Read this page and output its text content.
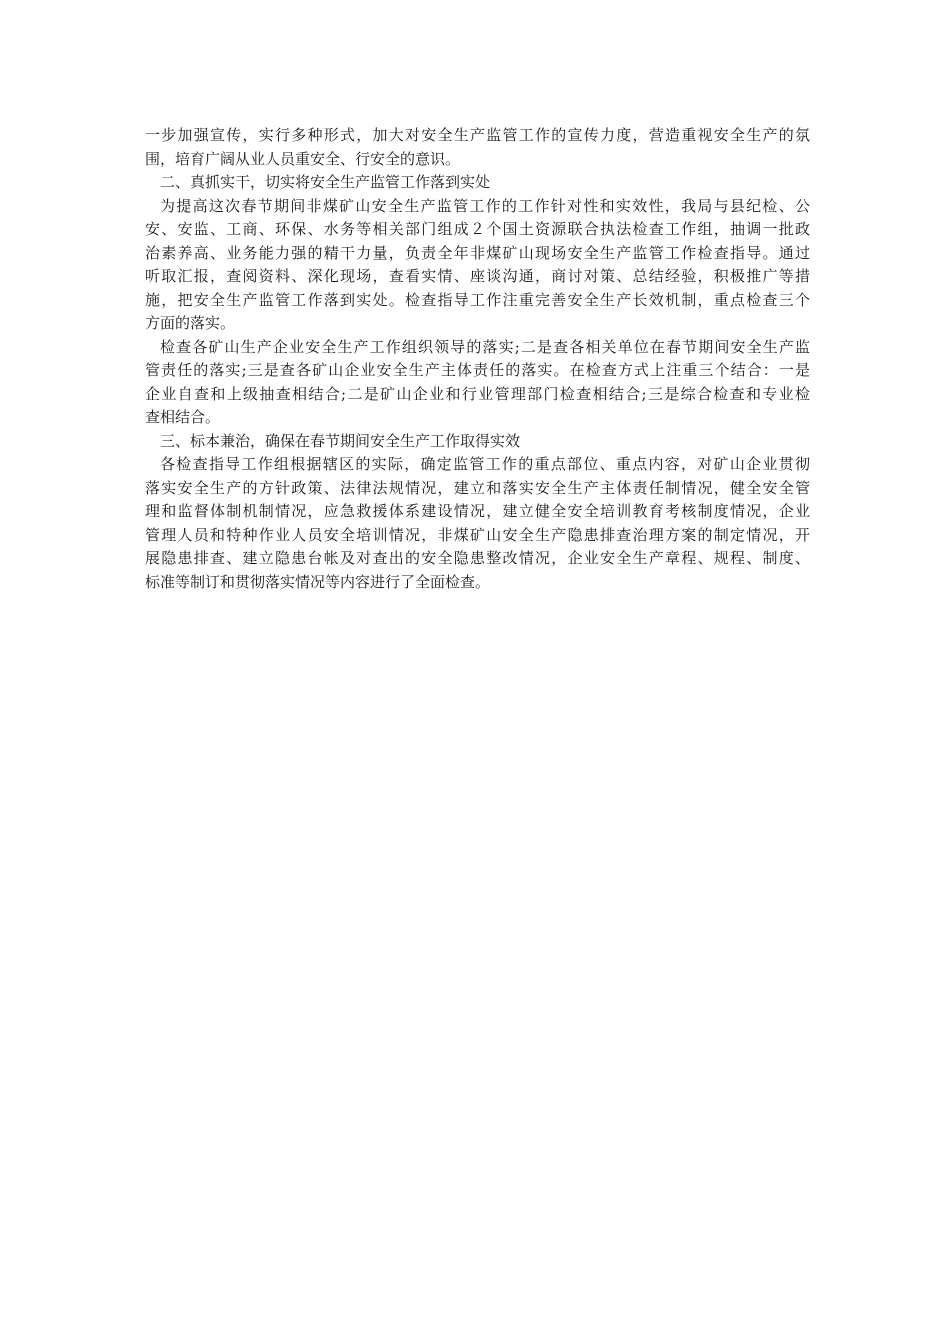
一步加强宣传，实行多种形式，加大对安全生产监管工作的宣传力度，营造重视安全生产的氛
围，培育广阔从业人员重安全、行安全的意识。
二、真抓实干，切实将安全生产监管工作落到实处
为提高这次春节期间非煤矿山安全生产监管工作的工作针对性和实效性，我局与县纪检、公
安、安监、工商、环保、水务等相关部门组成２个国土资源联合执法检查工作组，抽调一批政
治素养高、业务能力强的精干力量，负责全年非煤矿山现场安全生产监管工作检查指导。通过
听取汇报，查阅资料、深化现场，查看实情、座谈沟通，商讨对策、总结经验，积极推广等措
施，把安全生产监管工作落到实处。检查指导工作注重完善安全生产长效机制，重点检查三个
方面的落实。
检查各矿山生产企业安全生产工作组织领导的落实;二是查各相关单位在春节期间安全生产监
管责任的落实;三是查各矿山企业安全生产主体责任的落实。在检查方式上注重三个结合：一是
企业自查和上级抽查相结合;二是矿山企业和行业管理部门检查相结合;三是综合检查和专业检
查相结合。
三、标本兼治，确保在春节期间安全生产工作取得实效
各检查指导工作组根据辖区的实际，确定监管工作的重点部位、重点内容，对矿山企业贯彻
落实安全生产的方针政策、法律法规情况，建立和落实安全生产主体责任制情况，健全安全管
理和监督体制机制情况，应急救援体系建设情况，建立健全安全培训教育考核制度情况，企业
管理人员和特种作业人员安全培训情况，非煤矿山安全生产隐患排查治理方案的制定情况，开
展隐患排查、建立隐患台帐及对查出的安全隐患整改情况，企业安全生产章程、规程、制度、
标准等制订和贯彻落实情况等内容进行了全面检查。
